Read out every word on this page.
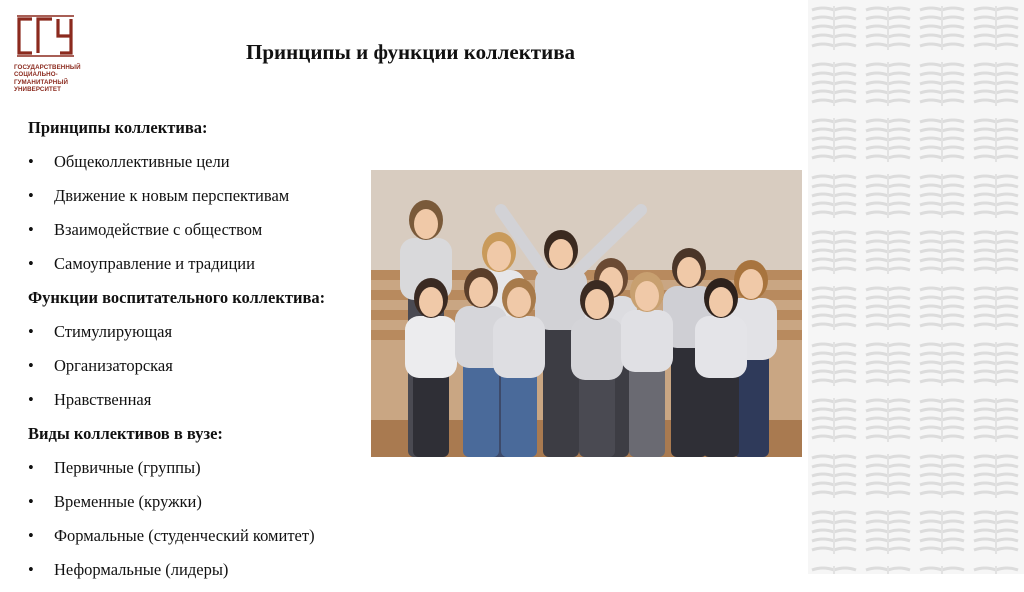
ГОСУДАРСТВЕННЫЙ
СОЦИАЛЬНО-
ГУМАНИТАРНЫЙ
УНИВЕРСИТЕТ
Принципы и функции коллектива
Принципы коллектива:
• Общеколлективные цели
• Движение к новым перспективам
• Взаимодействие с обществом
• Самоуправление и традиции
Функции воспитательного коллектива:
• Стимулирующая
• Организаторская
• Нравственная
Виды коллективов в вузе:
• Первичные (группы)
• Временные (кружки)
• Формальные (студенческий комитет)
• Неформальные (лидеры)
